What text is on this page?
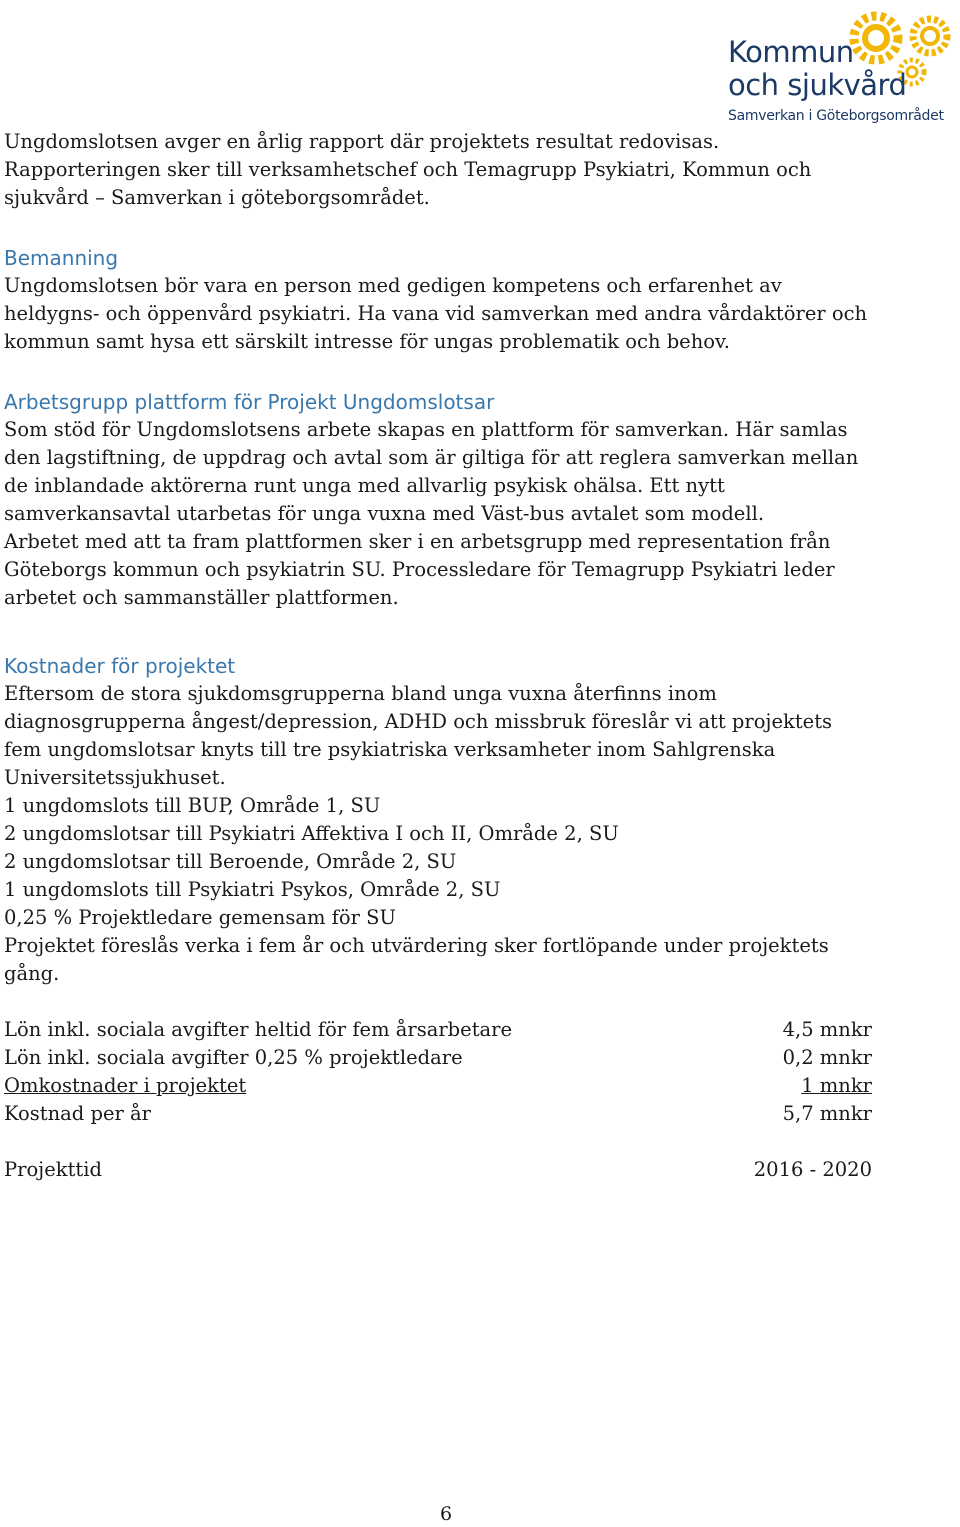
Kommun
och sjukvård
Samverkan i Göteborgsområdet

Ungdomslotsen avger en årlig rapport där projektets resultat redovisas.

Rapporteringen sker till verksamhetschef och Temagrupp Psykiatri, Kommun och

sjukvård – Samverkan i göteborgsområdet.

Bemanning

Ungdomslotsen bör vara en person med gedigen kompetens och erfarenhet av

heldygns- och öppenvård psykiatri. Ha vana vid samverkan med andra vårdaktörer och

kommun samt hysa ett särskilt intresse för ungas problematik och behov.

Arbetsgrupp plattform för Projekt Ungdomslotsar

Som stöd för Ungdomslotsens arbete skapas en plattform för samverkan. Här samlas

den lagstiftning, de uppdrag och avtal som är giltiga för att reglera samverkan mellan

de inblandade aktörerna runt unga med allvarlig psykisk ohälsa. Ett nytt

samverkansavtal utarbetas för unga vuxna med Väst-bus avtalet som modell.

Arbetet med att ta fram plattformen sker i en arbetsgrupp med representation från

Göteborgs kommun och psykiatrin SU. Processledare för Temagrupp Psykiatri leder

arbetet och sammanställer plattformen.

Kostnader för projektet

Eftersom de stora sjukdomsgrupperna bland unga vuxna återfinns inom

diagnosgrupperna ångest/depression, ADHD och missbruk föreslår vi att projektets

fem ungdomslotsar knyts till tre psykiatriska verksamheter inom Sahlgrenska

Universitetssjukhuset.

1 ungdomslots till BUP, Område 1, SU

2 ungdomslotsar till Psykiatri Affektiva I och II, Område 2, SU

2 ungdomslotsar till Beroende, Område 2, SU

1 ungdomslots till Psykiatri Psykos, Område 2, SU

0,25 % Projektledare gemensam för SU

Projektet föreslås verka i fem år och utvärdering sker fortlöpande under projektets

gång.

Lön inkl. sociala avgifter heltid för fem årsarbetare	4,5 mnkr
Lön inkl. sociala avgifter 0,25 % projektledare	0,2 mnkr
Omkostnader i projektet	1 mnkr
Kostnad per år	5,7 mnkr
Projekttid	2016 - 2020
6
